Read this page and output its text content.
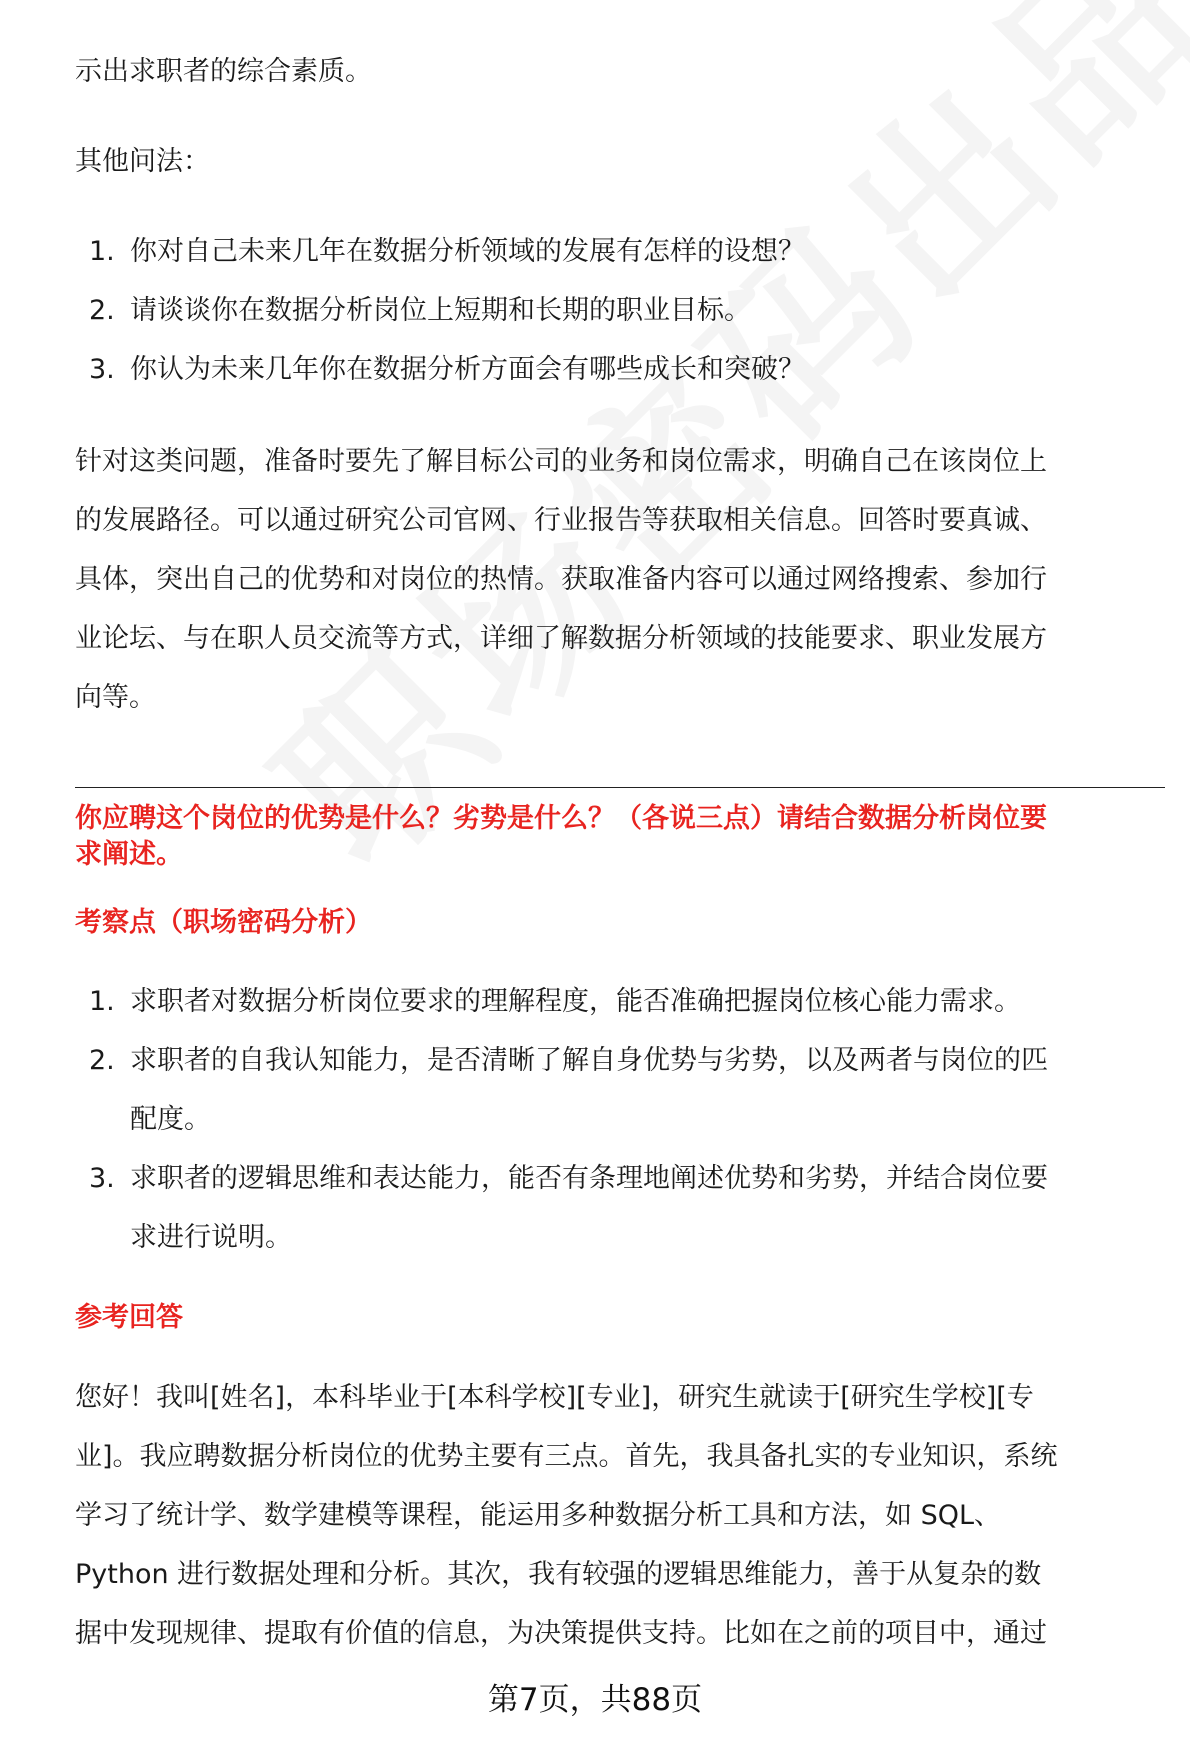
示出求职者的综合素质。

其他问法：

1. 你对自己未来几年在数据分析领域的发展有怎样的设想？
2. 请谈谈你在数据分析岗位上短期和长期的职业目标。
3. 你认为未来几年你在数据分析方面会有哪些成长和突破？

针对这类问题，准备时要先了解目标公司的业务和岗位需求，明确自己在该岗位上

的发展路径。可以通过研究公司官网、行业报告等获取相关信息。回答时要真诚、

具体，突出自己的优势和对岗位的热情。获取准备内容可以通过网络搜索、参加行

业论坛、与在职人员交流等方式，详细了解数据分析领域的技能要求、职业发展方

向等。

你应聘这个岗位的优势是什么？劣势是什么？（各说三点）请结合数据分析岗位要
求阐述。
考察点（职场密码分析）
1. 求职者对数据分析岗位要求的理解程度，能否准确把握岗位核心能力需求。
2. 求职者的自我认知能力，是否清晰了解自身优势与劣势，以及两者与岗位的匹
配度。
3. 求职者的逻辑思维和表达能力，能否有条理地阐述优势和劣势，并结合岗位要
求进行说明。
参考回答

您好！我叫[姓名]，本科毕业于[本科学校][专业]，研究生就读于[研究生学校][专

业]。我应聘数据分析岗位的优势主要有三点。首先，我具备扎实的专业知识，系统

学习了统计学、数学建模等课程，能运用多种数据分析工具和方法，如 SQL、

Python 进行数据处理和分析。其次，我有较强的逻辑思维能力，善于从复杂的数

据中发现规律、提取有价值的信息，为决策提供支持。比如在之前的项目中，通过

第7页，共88页
